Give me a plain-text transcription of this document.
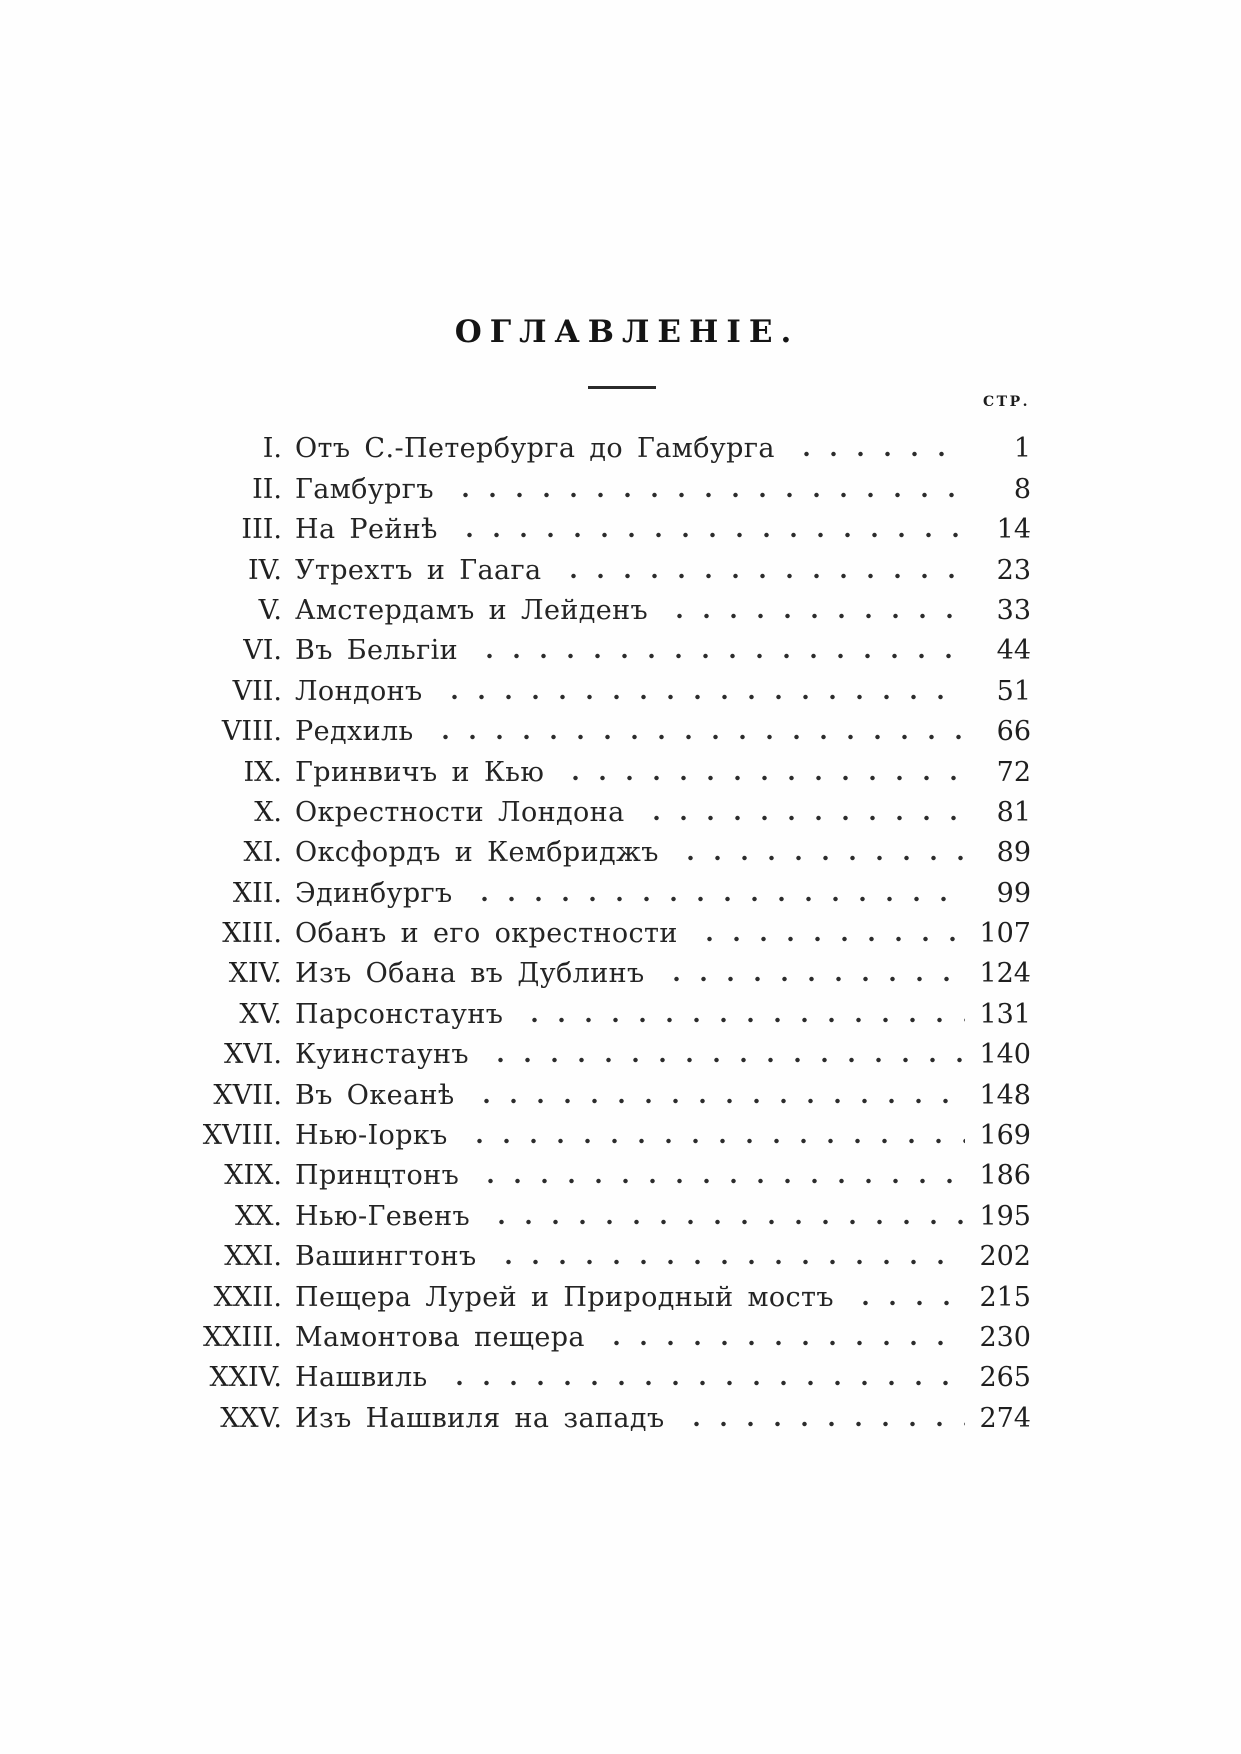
ОГЛАВЛЕНІЕ.
СТР.
I. Отъ С.-Петербурга до Гамбурга	1
II. Гамбургъ	8
III. На Рейнѣ	14
IV. Утрехтъ и Гаага	23
V. Амстердамъ и Лейденъ	33
VI. Въ Бельгіи	44
VII. Лондонъ	51
VIII. Редхиль	66
IX. Гринвичъ и Кью	72
X. Окрестности Лондона	81
XI. Оксфордъ и Кембриджъ	89
XII. Эдинбургъ	99
XIII. Обанъ и его окрестности	107
XIV. Изъ Обана въ Дублинъ	124
XV. Парсонстаунъ	131
XVI. Куинстаунъ	140
XVII. Въ Океанѣ	148
XVIII. Нью-Іоркъ	169
XIX. Принцтонъ	186
XX. Нью-Гевенъ	195
XXI. Вашингтонъ	202
XXII. Пещера Лурей и Природный мостъ	215
XXIII. Мамонтова пещера	230
XXIV. Нашвиль	265
XXV. Изъ Нашвиля на западъ	274
